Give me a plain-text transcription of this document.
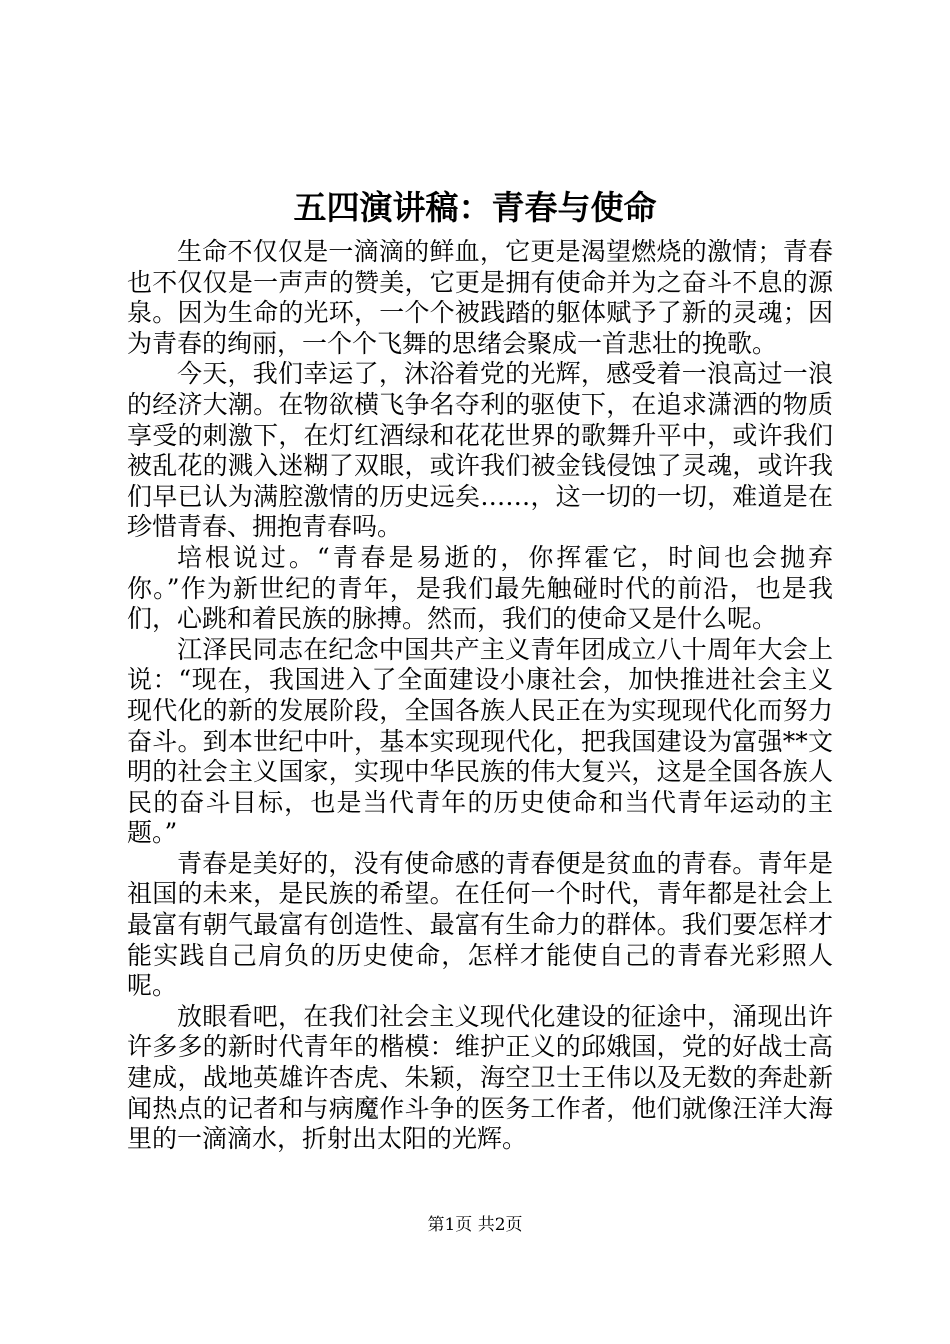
五四演讲稿：青春与使命

生命不仅仅是一滴滴的鲜血，它更是渴望燃烧的激情；青春也不仅仅是一声声的赞美，它更是拥有使命并为之奋斗不息的源泉。因为生命的光环，一个个被践踏的躯体赋予了新的灵魂；因为青春的绚丽，一个个飞舞的思绪会聚成一首悲壮的挽歌。

今天，我们幸运了，沐浴着党的光辉，感受着一浪高过一浪的经济大潮。在物欲横飞争名夺利的驱使下，在追求潇洒的物质享受的刺激下，在灯红酒绿和花花世界的歌舞升平中，或许我们被乱花的溅入迷糊了双眼，或许我们被金钱侵蚀了灵魂，或许我们早已认为满腔激情的历史远矣……，这一切的一切，难道是在珍惜青春、拥抱青春吗。

培根说过。“青春是易逝的，你挥霍它，时间也会抛弃你。”作为新世纪的青年，是我们最先触碰时代的前沿，也是我们，心跳和着民族的脉搏。然而，我们的使命又是什么呢。

江泽民同志在纪念中国共产主义青年团成立八十周年大会上说：“现在，我国进入了全面建设小康社会，加快推进社会主义现代化的新的发展阶段，全国各族人民正在为实现现代化而努力奋斗。到本世纪中叶，基本实现现代化，把我国建设为富强**文明的社会主义国家，实现中华民族的伟大复兴，这是全国各族人民的奋斗目标，也是当代青年的历史使命和当代青年运动的主题。”

青春是美好的，没有使命感的青春便是贫血的青春。青年是祖国的未来，是民族的希望。在任何一个时代，青年都是社会上最富有朝气最富有创造性、最富有生命力的群体。我们要怎样才能实践自己肩负的历史使命，怎样才能使自己的青春光彩照人呢。

放眼看吧，在我们社会主义现代化建设的征途中，涌现出许许多多的新时代青年的楷模：维护正义的邱娥国，党的好战士高建成，战地英雄许杏虎、朱颖，海空卫士王伟以及无数的奔赴新闻热点的记者和与病魔作斗争的医务工作者，他们就像汪洋大海里的一滴滴水，折射出太阳的光辉。

第1页 共2页
